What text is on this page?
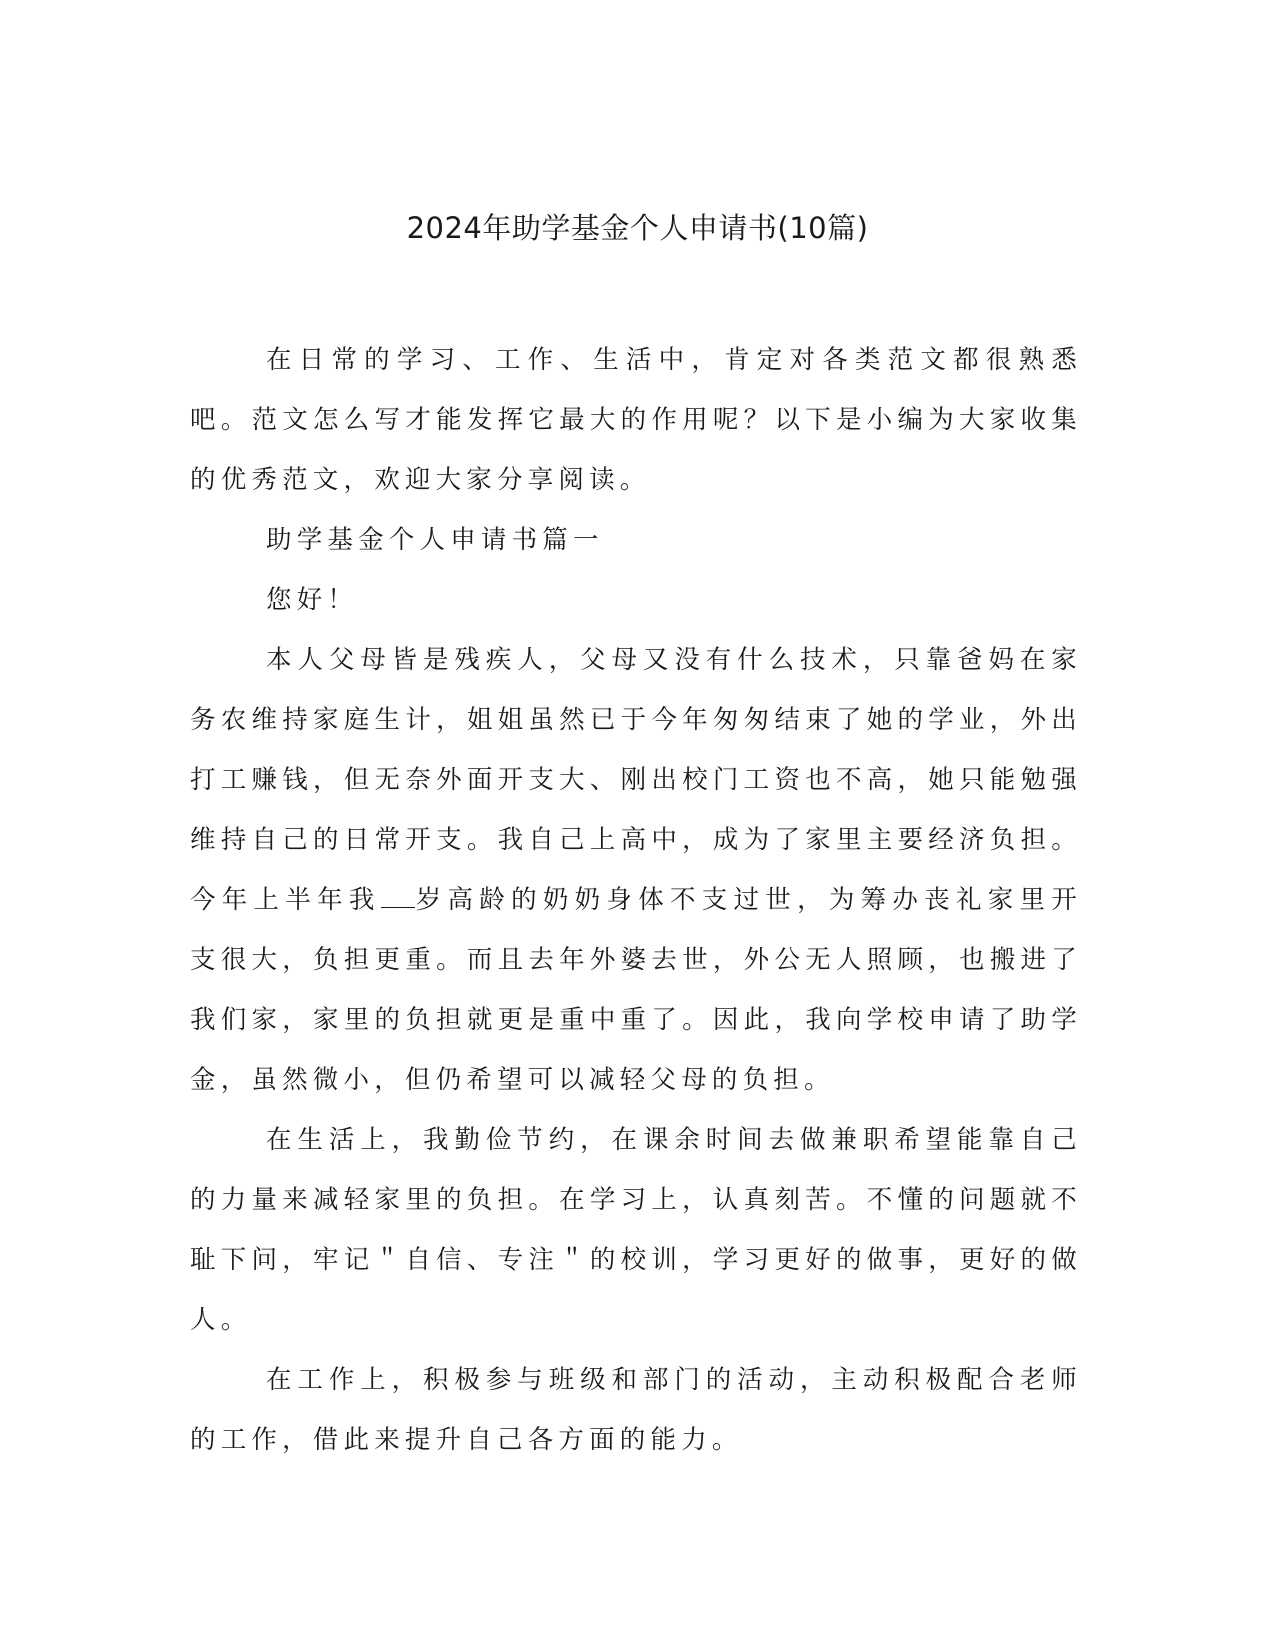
2024年助学基金个人申请书(10篇)

在日常的学习、工作、生活中，肯定对各类范文都很熟悉吧。范文怎么写才能发挥它最大的作用呢？以下是小编为大家收集的优秀范文，欢迎大家分享阅读。

助学基金个人申请书篇一

您好！

本人父母皆是残疾人，父母又没有什么技术，只靠爸妈在家务农维持家庭生计，姐姐虽然已于今年匆匆结束了她的学业，外出打工赚钱，但无奈外面开支大、刚出校门工资也不高，她只能勉强维持自己的日常开支。我自己上高中，成为了家里主要经济负担。今年上半年我 岁高龄的奶奶身体不支过世，为筹办丧礼家里开支很大，负担更重。而且去年外婆去世，外公无人照顾，也搬进了我们家，家里的负担就更是重中重了。因此，我向学校申请了助学金，虽然微小，但仍希望可以减轻父母的负担。

在生活上，我勤俭节约，在课余时间去做兼职希望能靠自己的力量来减轻家里的负担。在学习上，认真刻苦。不懂的问题就不耻下问，牢记＂自信、专注＂的校训，学习更好的做事，更好的做人。

在工作上，积极参与班级和部门的活动，主动积极配合老师的工作，借此来提升自己各方面的能力。
